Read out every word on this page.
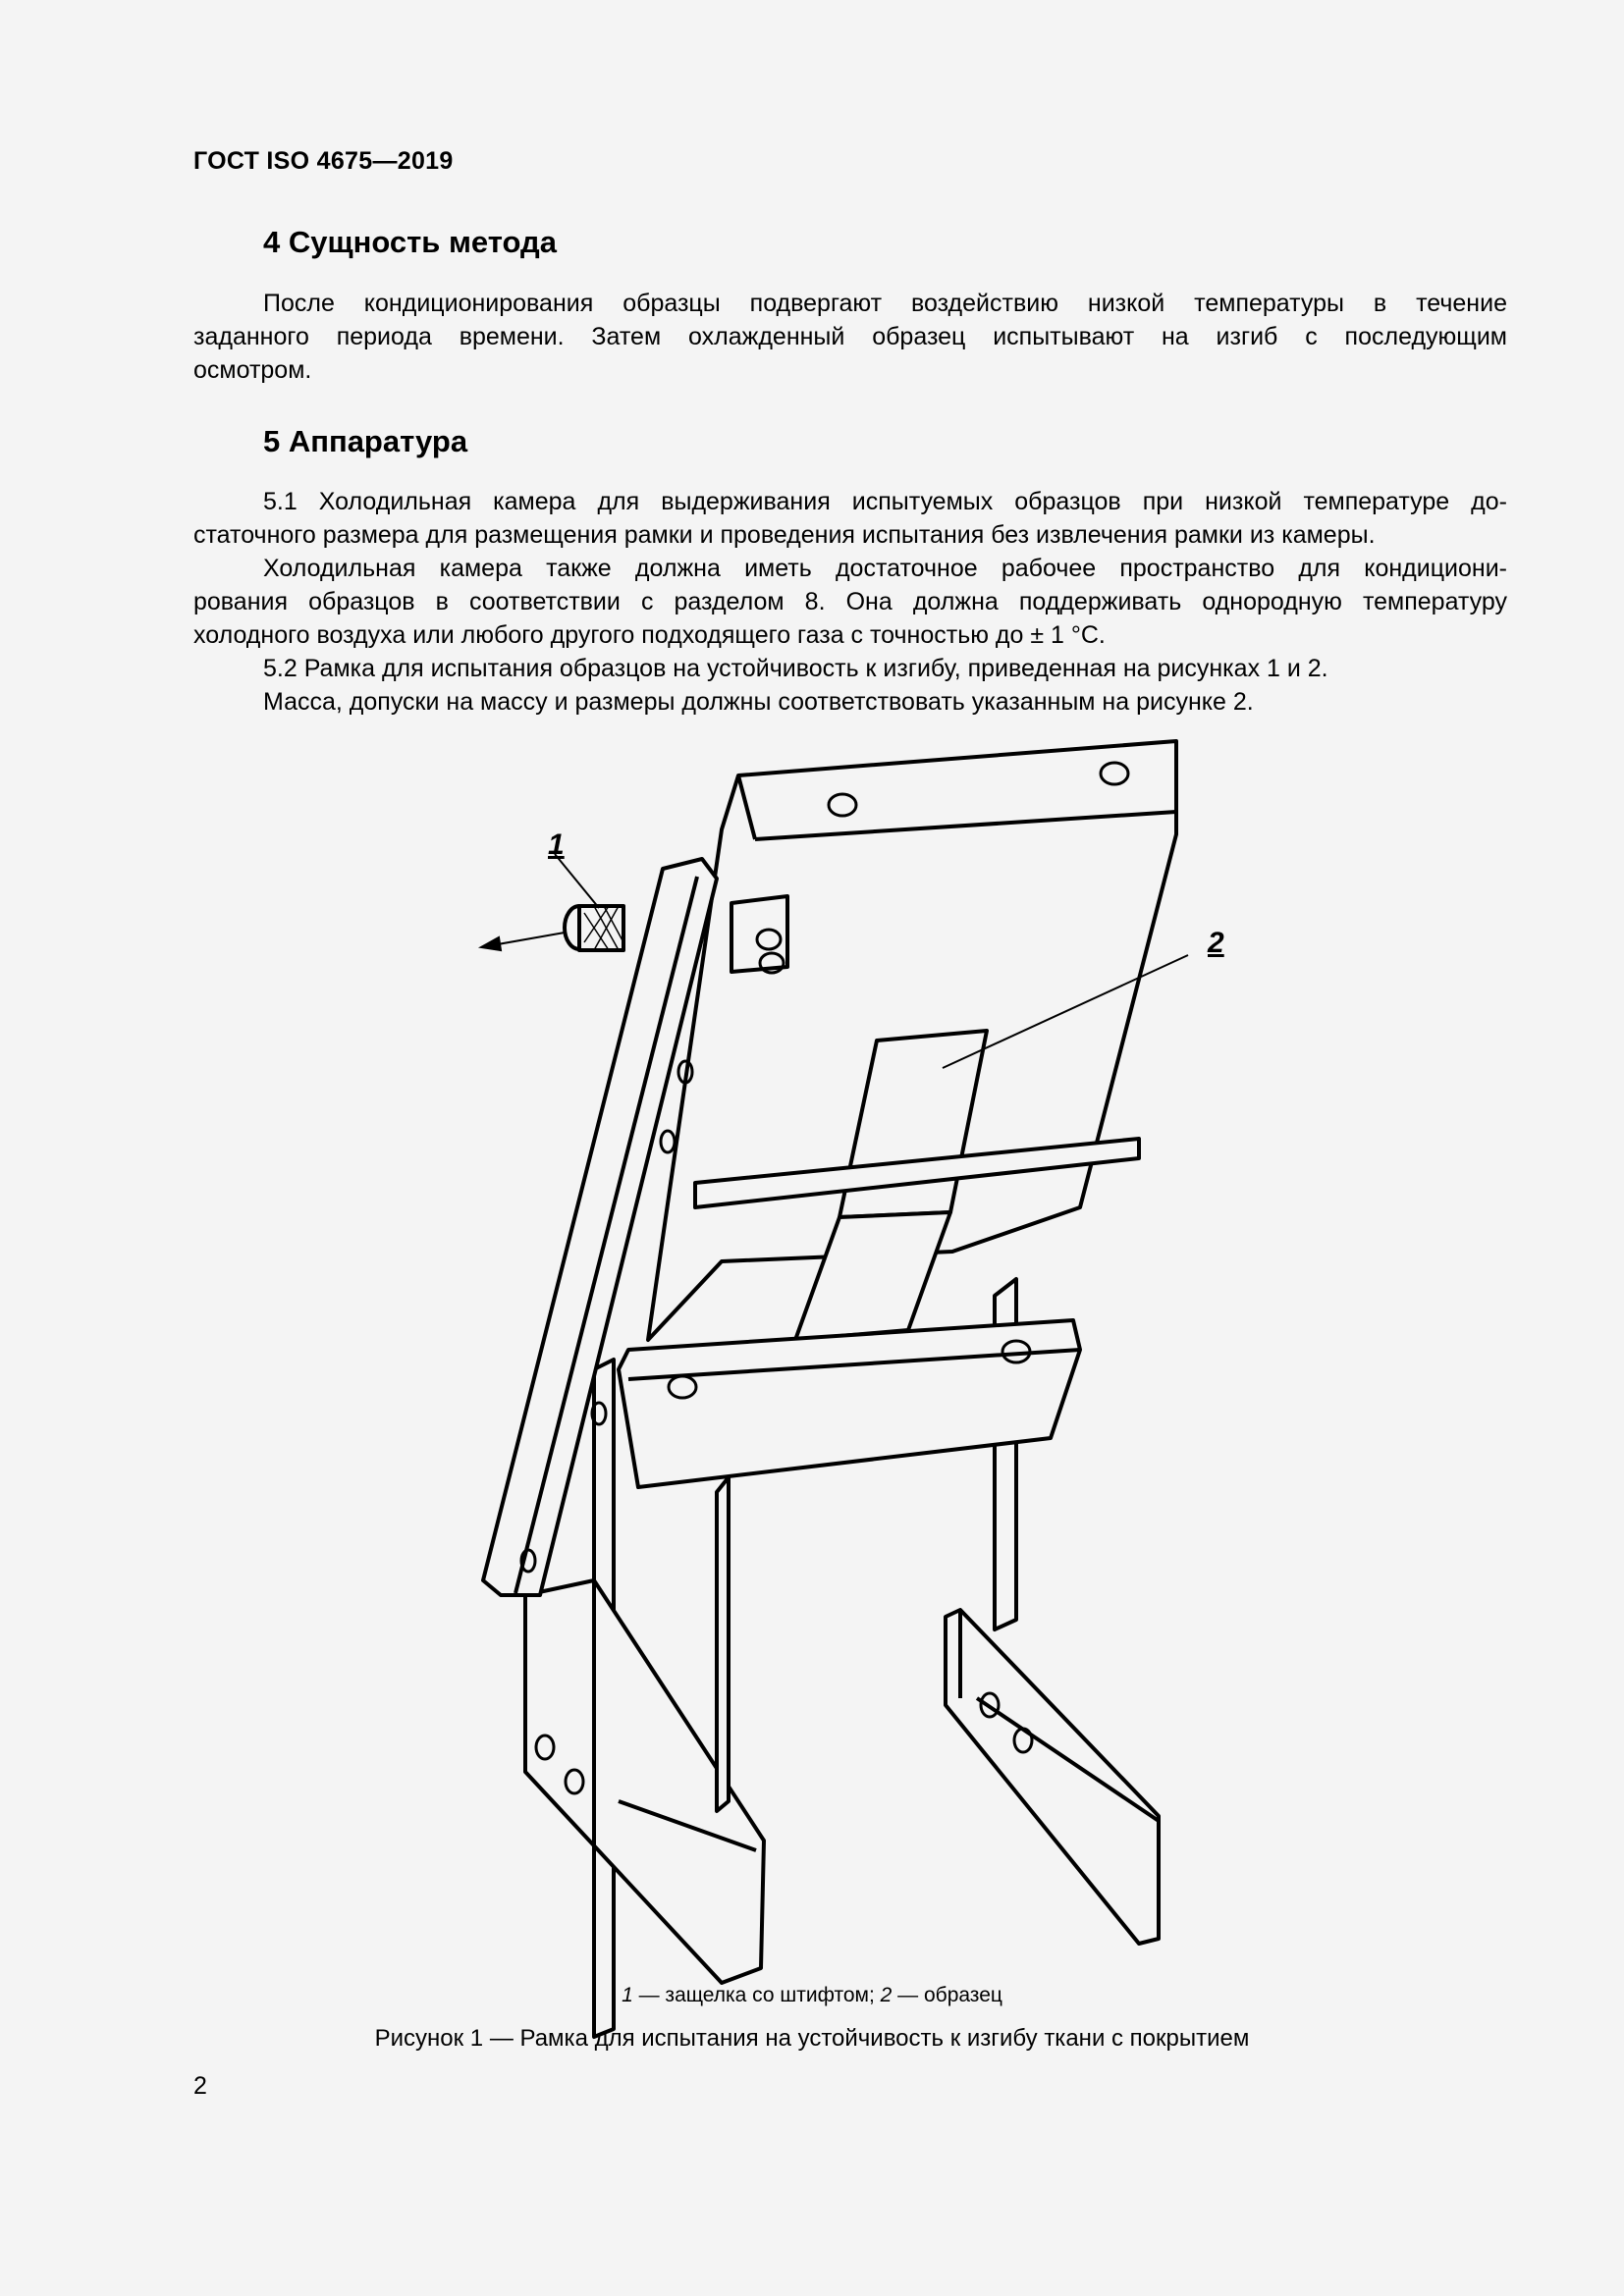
ГОСТ ISO 4675—2019
4 Сущность метода
После кондиционирования образцы подвергают воздействию низкой температуры в течение
заданного периода времени. Затем охлажденный образец испытывают на изгиб с последующим
осмотром.
5 Аппаратура
5.1 Холодильная камера для выдерживания испытуемых образцов при низкой температуре до-
статочного размера для размещения рамки и проведения испытания без извлечения рамки из камеры.
Холодильная камера также должна иметь достаточное рабочее пространство для кондициони-
рования образцов в соответствии с разделом 8. Она должна поддерживать однородную температуру
холодного воздуха или любого другого подходящего газа с точностью до ± 1 °C.
5.2 Рамка для испытания образцов на устойчивость к изгибу, приведенная на рисунках 1 и 2.
Масса, допуски на массу и размеры должны соответствовать указанным на рисунке 2.
1
2
1 — защелка со штифтом; 2 — образец
Рисунок 1 — Рамка для испытания на устойчивость к изгибу ткани с покрытием
2
